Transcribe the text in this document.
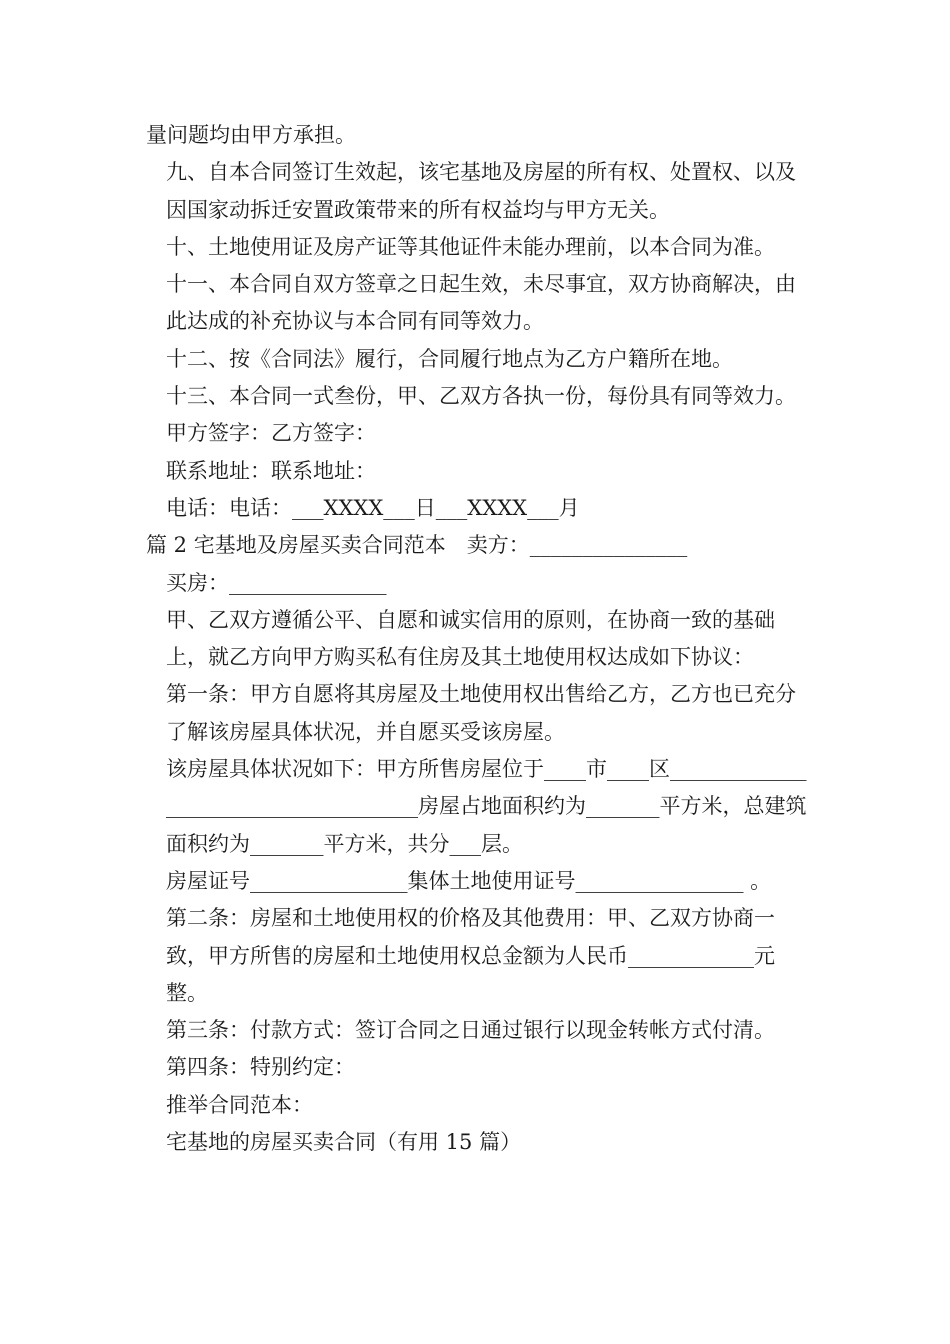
量问题均由甲方承担。

九、自本合同签订生效起，该宅基地及房屋的所有权、处置权、以及因国家动拆迁安置政策带来的所有权益均与甲方无关。

十、土地使用证及房产证等其他证件未能办理前，以本合同为准。

十一、本合同自双方签章之日起生效，未尽事宜，双方协商解决，由此达成的补充协议与本合同有同等效力。

十二、按《合同法》履行，合同履行地点为乙方户籍所在地。

十三、本合同一式叁份，甲、乙双方各执一份，每份具有同等效力。

甲方签字：乙方签字：

联系地址：联系地址：

电话：电话：___XXXX___日___XXXX___月

篇 2 宅基地及房屋买卖合同范本　卖方：_______________

买房：_______________

甲、乙双方遵循公平、自愿和诚实信用的原则，在协商一致的基础上，就乙方向甲方购买私有住房及其土地使用权达成如下协议：

第一条：甲方自愿将其房屋及土地使用权出售给乙方，乙方也已充分了解该房屋具体状况，并自愿买受该房屋。

该房屋具体状况如下：甲方所售房屋位于____市____区_____________________________________房屋占地面积约为_______平方米，总建筑面积约为_______平方米，共分___层。

房屋证号_______________集体土地使用证号________________ 。

第二条：房屋和土地使用权的价格及其他费用：甲、乙双方协商一致，甲方所售的房屋和土地使用权总金额为人民币____________元整。

第三条：付款方式：签订合同之日通过银行以现金转帐方式付清。

第四条：特别约定：

推举合同范本：

宅基地的房屋买卖合同（有用 15 篇）
